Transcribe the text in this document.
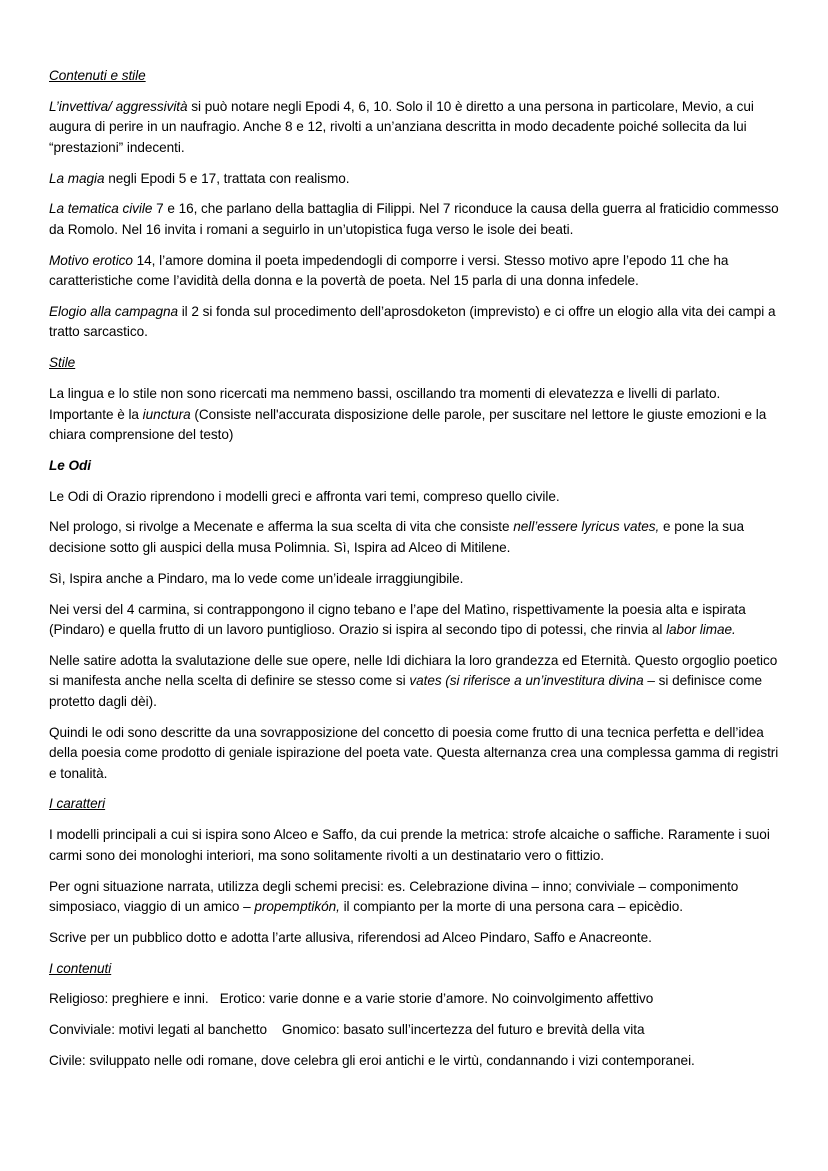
Contenuti e stile

L’invettiva/ aggressività si può notare negli Epodi 4, 6, 10. Solo il 10 è diretto a una persona in particolare, Mevio, a cui augura di perire in un naufragio. Anche 8 e 12, rivolti a un’anziana descritta in modo decadente poiché sollecita da lui “prestazioni” indecenti.

La magia negli Epodi 5 e 17, trattata con realismo.

La tematica civile 7 e 16, che parlano della battaglia di Filippi. Nel 7 riconduce la causa della guerra al fraticidio commesso da Romolo. Nel 16 invita i romani a seguirlo in un’utopistica fuga verso le isole dei beati.

Motivo erotico 14, l’amore domina il poeta impedendogli di comporre i versi. Stesso motivo apre l’epodo 11 che ha caratteristiche come l’avidità della donna e la povertà de poeta. Nel 15 parla di una donna infedele.

Elogio alla campagna il 2 si fonda sul procedimento dell’aprosdoketon (imprevisto) e ci offre un elogio alla vita dei campi a tratto sarcastico.

Stile

La lingua e lo stile non sono ricercati ma nemmeno bassi, oscillando tra momenti di elevatezza e livelli di parlato. Importante è la iunctura (Consiste nell'accurata disposizione delle parole, per suscitare nel lettore le giuste emozioni e la chiara comprensione del testo)

Le Odi

Le Odi di Orazio riprendono i modelli greci e affronta vari temi, compreso quello civile.

Nel prologo, si rivolge a Mecenate e afferma la sua scelta di vita che consiste nell’essere lyricus vates, e pone la sua decisione sotto gli auspici della musa Polimnia. Sì, Ispira ad Alceo di Mitilene.

Sì, Ispira anche a Pindaro, ma lo vede come un’ideale irraggiungibile.

Nei versi del 4 carmina, si contrappongono il cigno tebano e l’ape del Matìno, rispettivamente la poesia alta e ispirata (Pindaro) e quella frutto di un lavoro puntiglioso. Orazio si ispira al secondo tipo di potessi, che rinvia al labor limae.

Nelle satire adotta la svalutazione delle sue opere, nelle Idi dichiara la loro grandezza ed Eternità. Questo orgoglio poetico si manifesta anche nella scelta di definire se stesso come si vates (si riferisce a un’investitura divina – si definisce come protetto dagli dèi).

Quindi le odi sono descritte da una sovrapposizione del concetto di poesia come frutto di una tecnica perfetta e dell’idea della poesia come prodotto di geniale ispirazione del poeta vate. Questa alternanza crea una complessa gamma di registri e tonalità.

I caratteri

I modelli principali a cui si ispira sono Alceo e Saffo, da cui prende la metrica: strofe alcaiche o saffiche. Raramente i suoi carmi sono dei monologhi interiori, ma sono solitamente rivolti a un destinatario vero o fittizio.

Per ogni situazione narrata, utilizza degli schemi precisi: es. Celebrazione divina – inno; conviviale – componimento simposiaco, viaggio di un amico – propemptikón, il compianto per la morte di una persona cara – epicèdio.

Scrive per un pubblico dotto e adotta l’arte allusiva, riferendosi ad Alceo Pindaro, Saffo e Anacreonte.

I contenuti

Religioso: preghiere e inni.   Erotico: varie donne e a varie storie d’amore. No coinvolgimento affettivo

Conviviale: motivi legati al banchetto    Gnomico: basato sull’incertezza del futuro e brevità della vita

Civile: sviluppato nelle odi romane, dove celebra gli eroi antichi e le virtù, condannando i vizi contemporanei.
